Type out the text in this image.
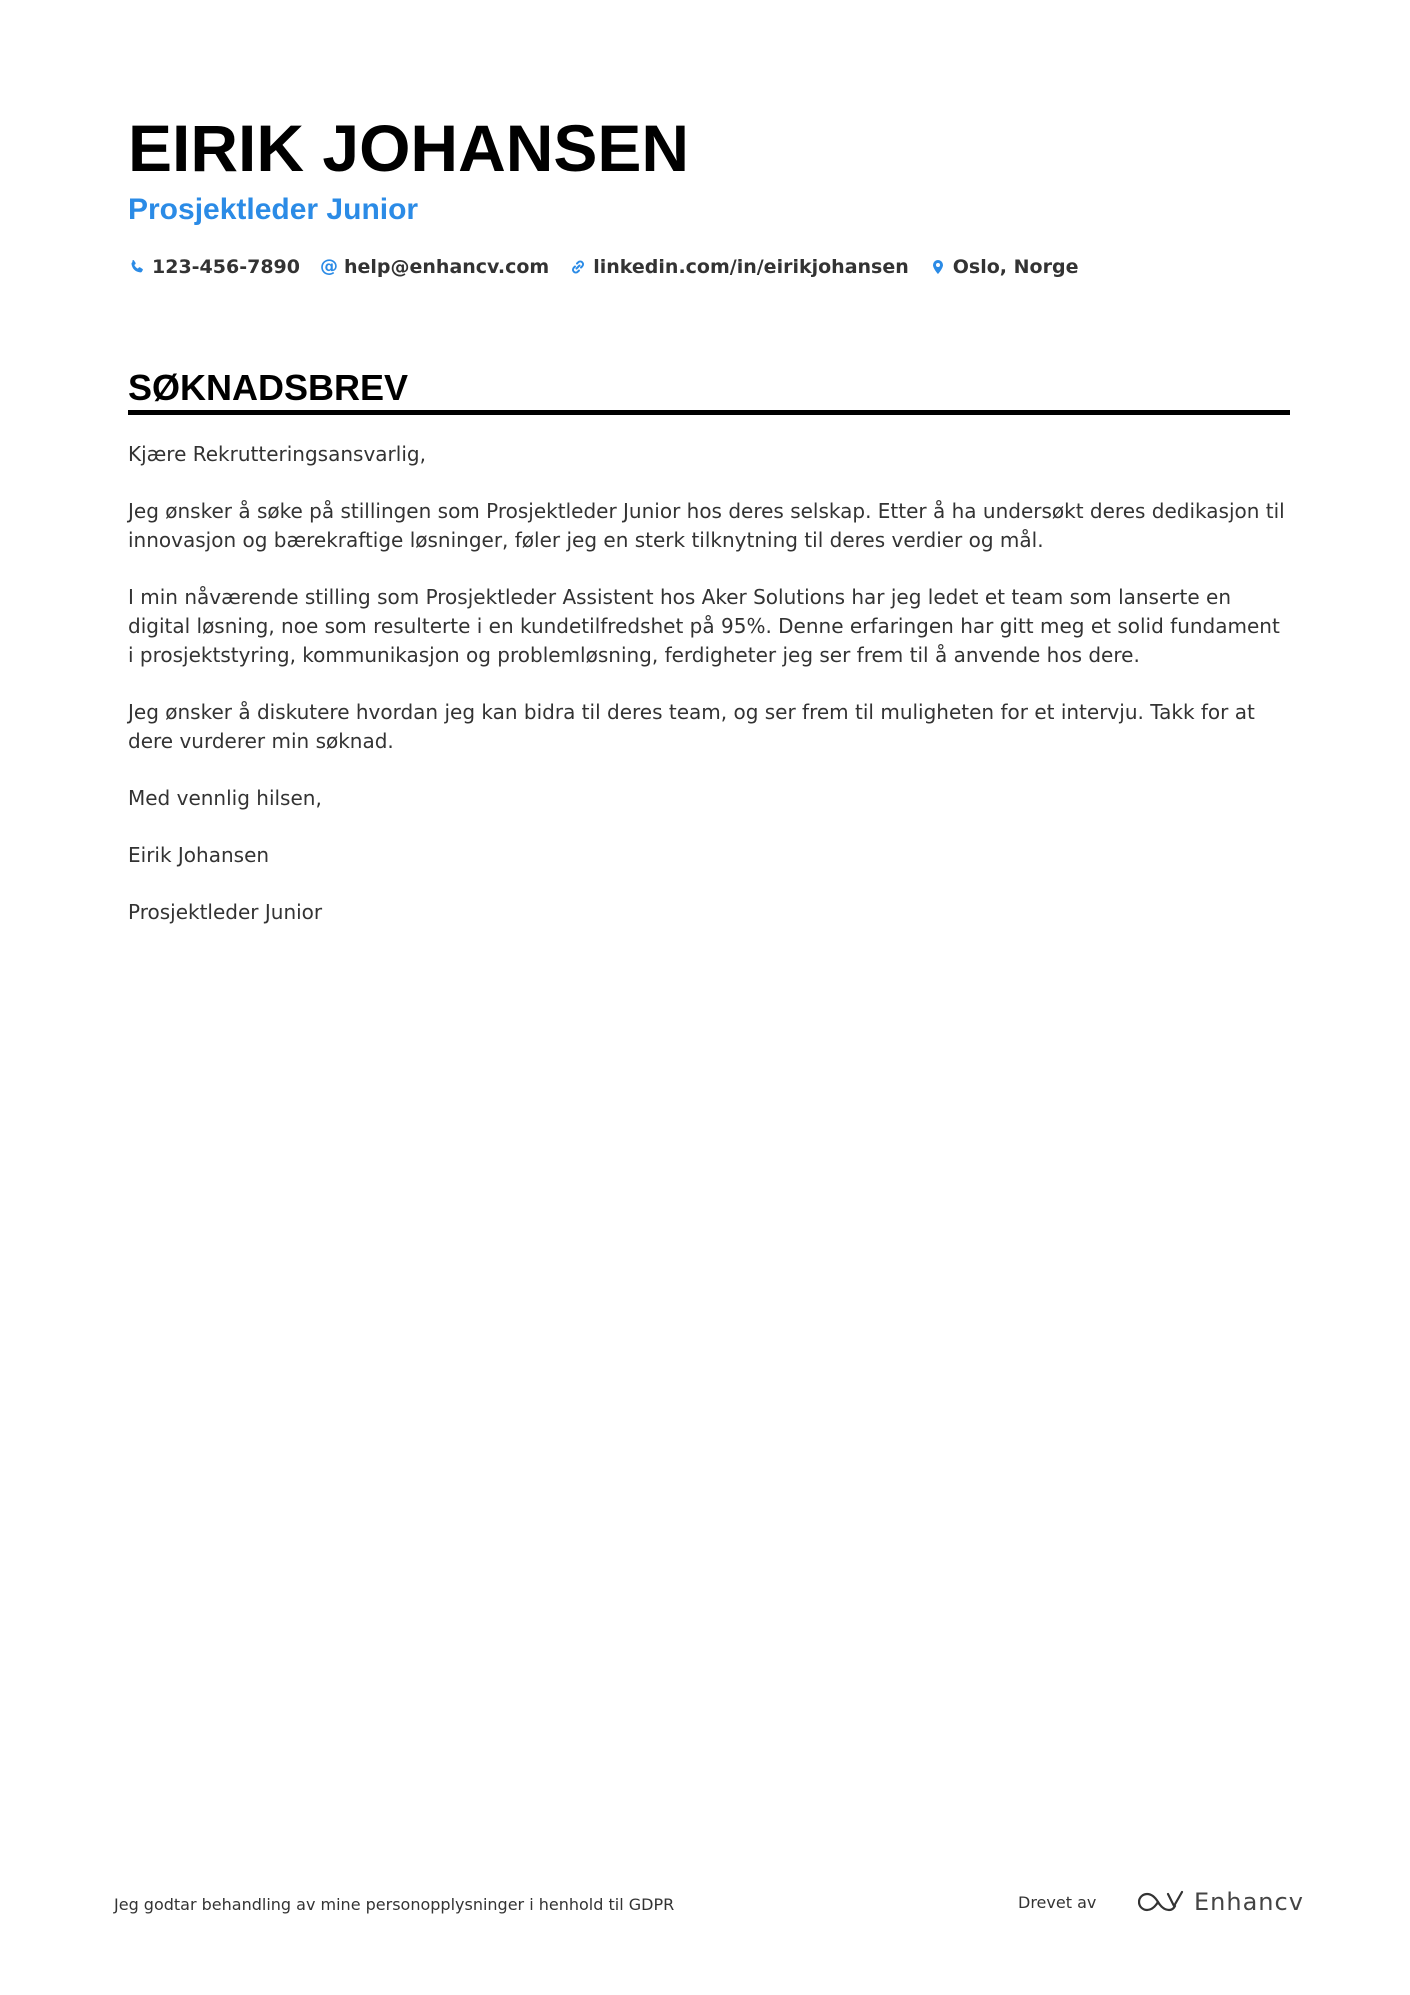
EIRIK JOHANSEN
Prosjektleder Junior
123-456-7890 @ help@enhancv.com linkedin.com/in/eirikjohansen Oslo, Norge
SØKNADSBREV

Kjære Rekrutteringsansvarlig,

Jeg ønsker å søke på stillingen som Prosjektleder Junior hos deres selskap. Etter å ha undersøkt deres dedikasjon til innovasjon og bærekraftige løsninger, føler jeg en sterk tilknytning til deres verdier og mål.

I min nåværende stilling som Prosjektleder Assistent hos Aker Solutions har jeg ledet et team som lanserte en digital løsning, noe som resulterte i en kundetilfredshet på 95%. Denne erfaringen har gitt meg et solid fundament i prosjektstyring, kommunikasjon og problemløsning, ferdigheter jeg ser frem til å anvende hos dere.

Jeg ønsker å diskutere hvordan jeg kan bidra til deres team, og ser frem til muligheten for et intervju. Takk for at dere vurderer min søknad.

Med vennlig hilsen,

Eirik Johansen

Prosjektleder Junior

Jeg godtar behandling av mine personopplysninger i henhold til GDPR	Drevet av	Enhancv
